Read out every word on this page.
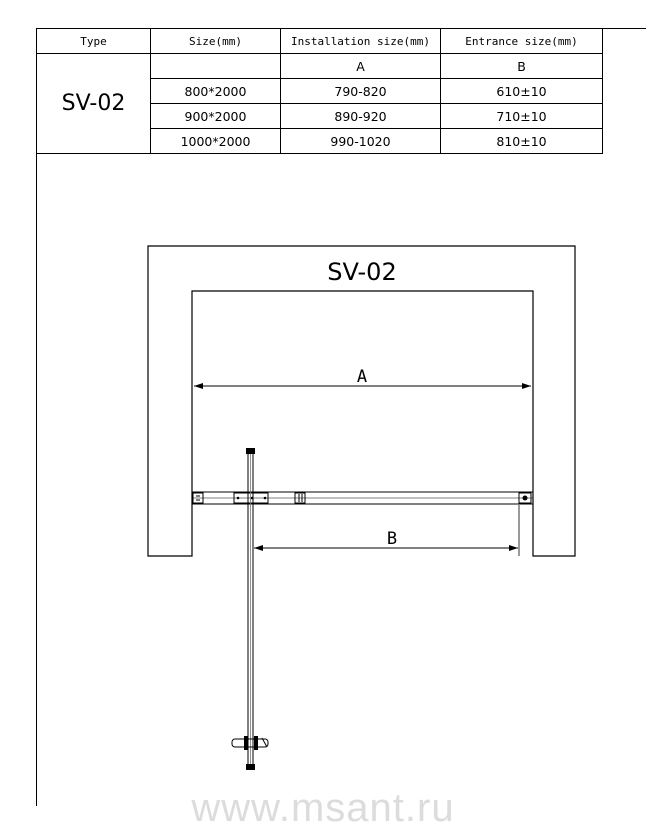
Type	Size(mm)	Installation size(mm)	Entrance size(mm)
SV-02		A	B
	800*2000	790-820	610±10
	900*2000	890-920	710±10
	1000*2000	990-1020	810±10
SV-02
A
B
www.msant.ru
